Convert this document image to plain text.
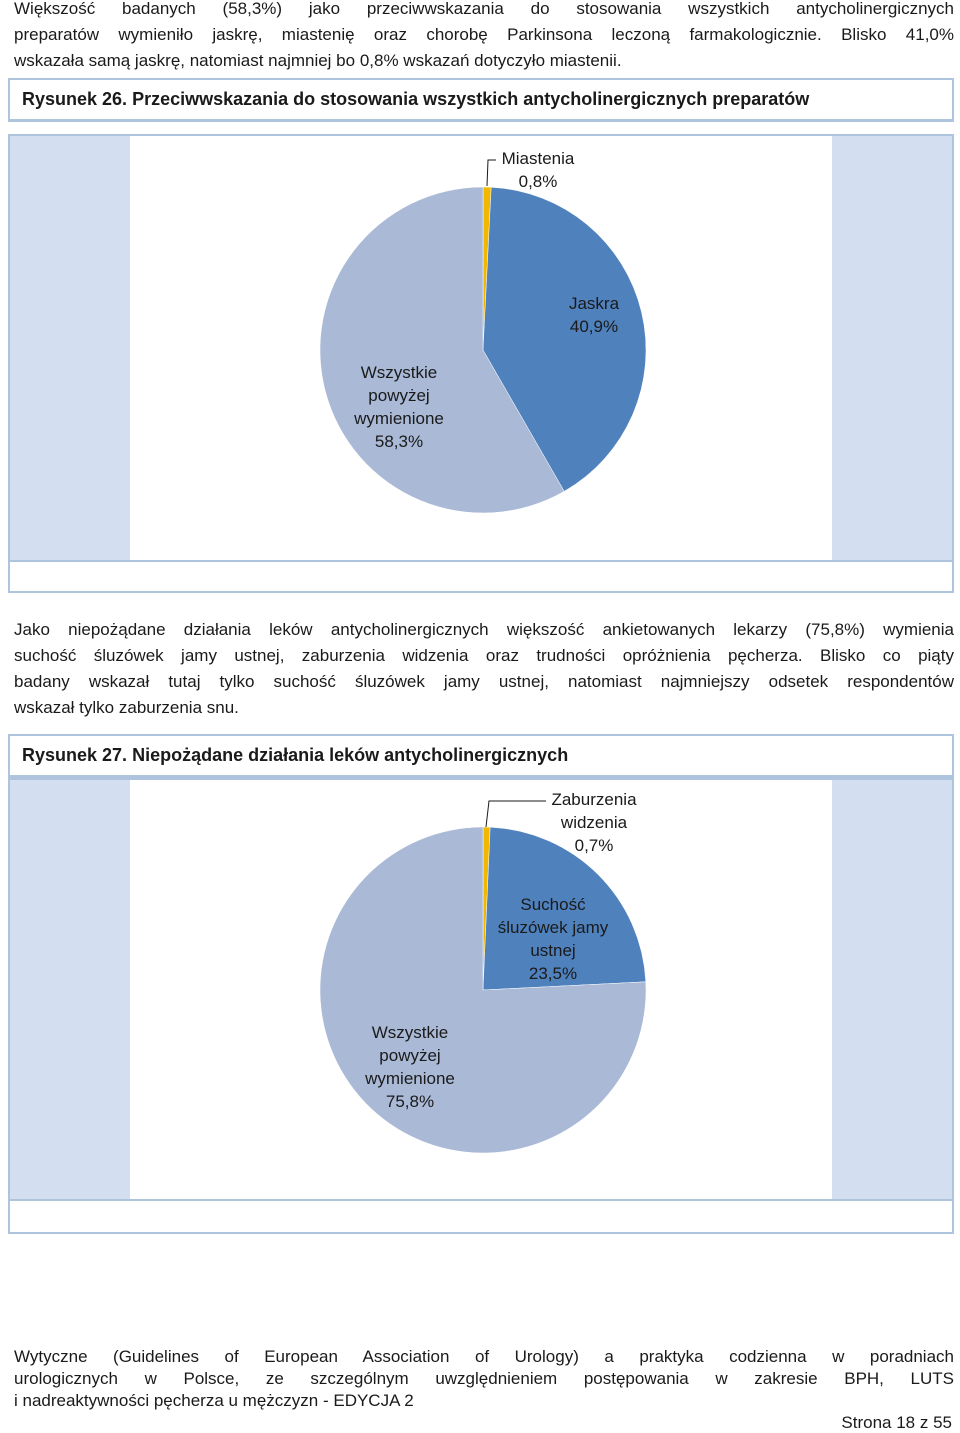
Większość badanych (58,3%) jako przeciwwskazania do stosowania wszystkich antycholinergicznych
preparatów wymieniło jaskrę, miastenię oraz chorobę Parkinsona leczoną farmakologicznie. Blisko 41,0%
wskazała samą jaskrę, natomiast najmniej bo 0,8% wskazań dotyczyło miastenii.
Rysunek 26. Przeciwwskazania do stosowania wszystkich antycholinergicznych preparatów
Miastenia 0,8%
Jaskra 40,9%
Wszystkie powyżej wymienione 58,3%
Jako niepożądane działania leków antycholinergicznych większość ankietowanych lekarzy (75,8%) wymienia
suchość śluzówek jamy ustnej, zaburzenia widzenia oraz trudności opróżnienia pęcherza. Blisko co piąty
badany wskazał tutaj tylko suchość śluzówek jamy ustnej, natomiast najmniejszy odsetek respondentów
wskazał tylko zaburzenia snu.
Rysunek 27. Niepożądane działania leków antycholinergicznych
Zaburzenia widzenia 0,7%
Suchość śluzówek jamy ustnej 23,5%
Wszystkie powyżej wymienione 75,8%
Wytyczne (Guidelines of European Association of Urology) a praktyka codzienna w poradniach
urologicznych w Polsce, ze szczególnym uwzględnieniem postępowania w zakresie BPH, LUTS
i nadreaktywności pęcherza u mężczyzn - EDYCJA 2
Strona 18 z 55
